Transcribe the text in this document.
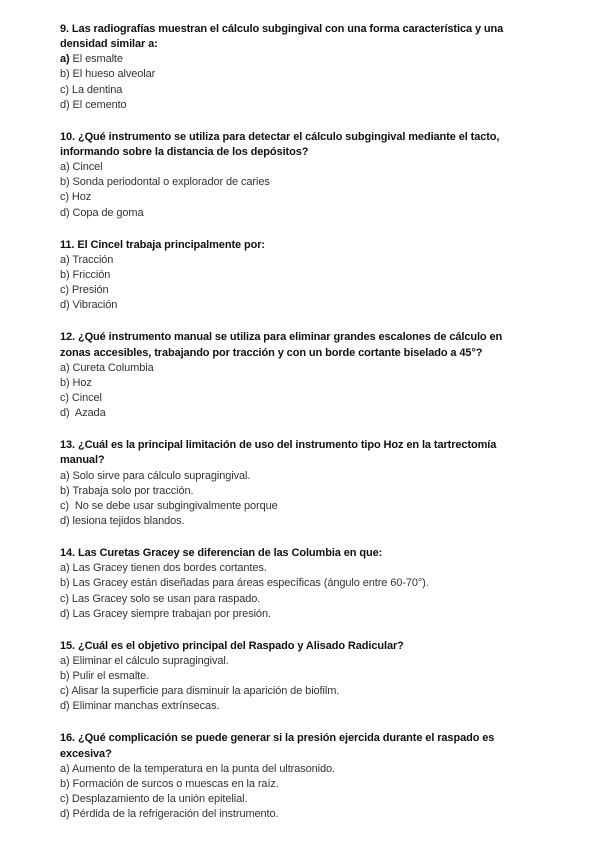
9. Las radiografías muestran el cálculo subgingival con una forma característica y una
densidad similar a:
a) El esmalte
b) El hueso alveolar
c) La dentina
d) El cemento
10. ¿Qué instrumento se utiliza para detectar el cálculo subgingival mediante el tacto,
informando sobre la distancia de los depósitos?
a) Cincel
b) Sonda periodontal o explorador de caries
c) Hoz
d) Copa de goma
11. El Cincel trabaja principalmente por:
a) Tracción
b) Fricción
c) Presión
d) Vibración
12. ¿Qué instrumento manual se utiliza para eliminar grandes escalones de cálculo en
zonas accesibles, trabajando por tracción y con un borde cortante biselado a 45°?
a) Cureta Columbia
b) Hoz
c) Cincel
d)  Azada
13. ¿Cuál es la principal limitación de uso del instrumento tipo Hoz en la tartrectomía
manual?
a) Solo sirve para cálculo supragingival.
b) Trabaja solo por tracción.
c)  No se debe usar subgingivalmente porque
d) lesiona tejidos blandos.
14. Las Curetas Gracey se diferencian de las Columbia en que:
a) Las Gracey tienen dos bordes cortantes.
b) Las Gracey están diseñadas para áreas específicas (ángulo entre 60-70°).
c) Las Gracey solo se usan para raspado.
d) Las Gracey siempre trabajan por presión.
15. ¿Cuál es el objetivo principal del Raspado y Alisado Radicular?
a) Eliminar el cálculo supragingival.
b) Pulir el esmalte.
c) Alisar la superficie para disminuir la aparición de biofilm.
d) Eliminar manchas extrínsecas.
16. ¿Qué complicación se puede generar si la presión ejercida durante el raspado es
excesiva?
a) Aumento de la temperatura en la punta del ultrasonido.
b) Formación de surcos o muescas en la raíz.
c) Desplazamiento de la unión epitelial.
d) Pérdida de la refrigeración del instrumento.
